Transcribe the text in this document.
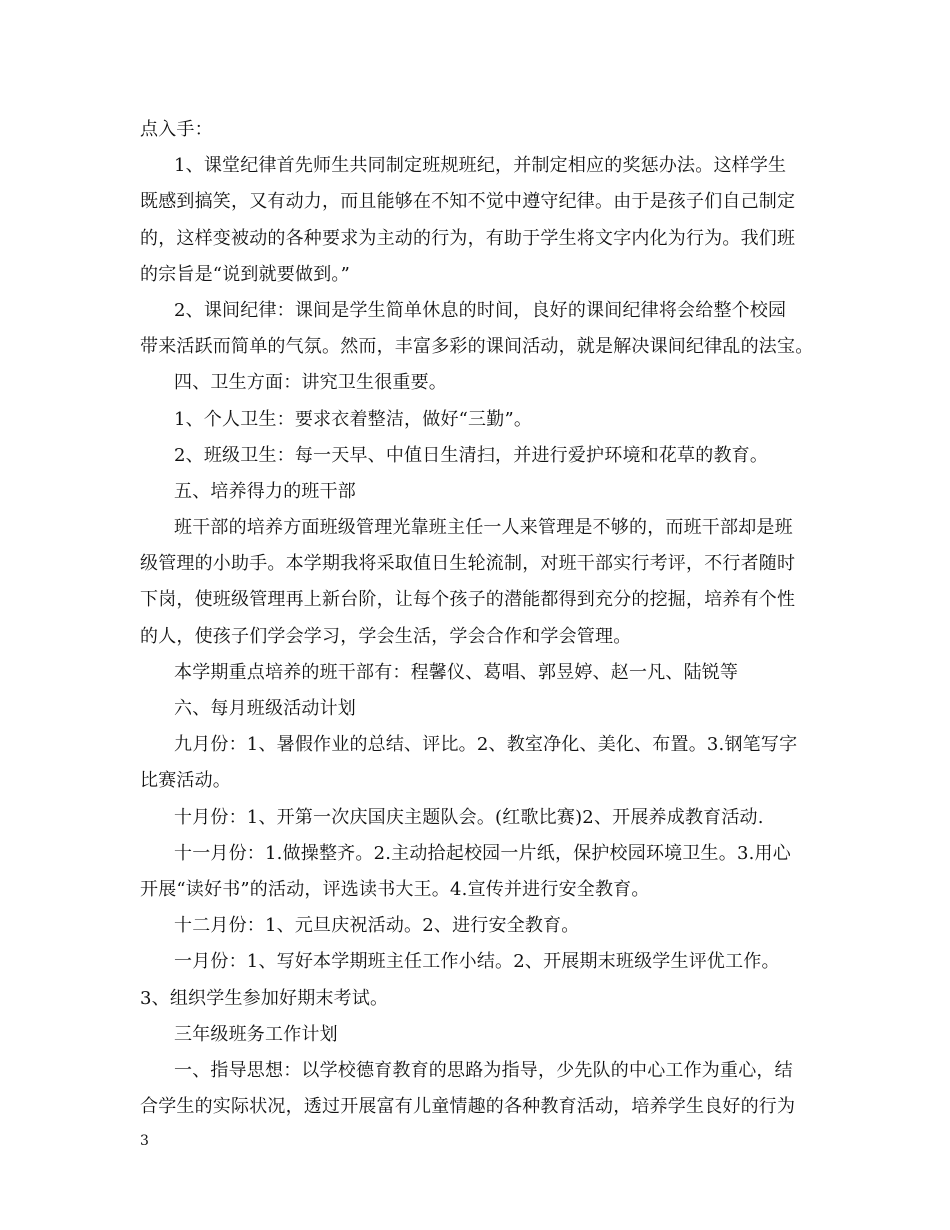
点入手：
1、课堂纪律首先师生共同制定班规班纪，并制定相应的奖惩办法。这样学生
既感到搞笑，又有动力，而且能够在不知不觉中遵守纪律。由于是孩子们自己制定
的，这样变被动的各种要求为主动的行为，有助于学生将文字内化为行为。我们班
的宗旨是“说到就要做到。”
2、课间纪律：课间是学生简单休息的时间，良好的课间纪律将会给整个校园
带来活跃而简单的气氛。然而，丰富多彩的课间活动，就是解决课间纪律乱的法宝。
四、卫生方面：讲究卫生很重要。
1、个人卫生：要求衣着整洁，做好“三勤”。
2、班级卫生：每一天早、中值日生清扫，并进行爱护环境和花草的教育。
五、培养得力的班干部
班干部的培养方面班级管理光靠班主任一人来管理是不够的，而班干部却是班
级管理的小助手。本学期我将采取值日生轮流制，对班干部实行考评，不行者随时
下岗，使班级管理再上新台阶，让每个孩子的潜能都得到充分的挖掘，培养有个性
的人，使孩子们学会学习，学会生活，学会合作和学会管理。
本学期重点培养的班干部有：程馨仪、葛唱、郭昱婷、赵一凡、陆锐等
六、每月班级活动计划
九月份：1、暑假作业的总结、评比。2、教室净化、美化、布置。3.钢笔写字
比赛活动。
十月份：1、开第一次庆国庆主题队会。(红歌比赛)2、开展养成教育活动.
十一月份：1.做操整齐。2.主动拾起校园一片纸，保护校园环境卫生。3.用心
开展“读好书”的活动，评选读书大王。4.宣传并进行安全教育。
十二月份：1、元旦庆祝活动。2、进行安全教育。
一月份：1、写好本学期班主任工作小结。2、开展期末班级学生评优工作。
3、组织学生参加好期末考试。
三年级班务工作计划
一、指导思想：以学校德育教育的思路为指导，少先队的中心工作为重心，结
合学生的实际状况，透过开展富有儿童情趣的各种教育活动，培养学生良好的行为
3
